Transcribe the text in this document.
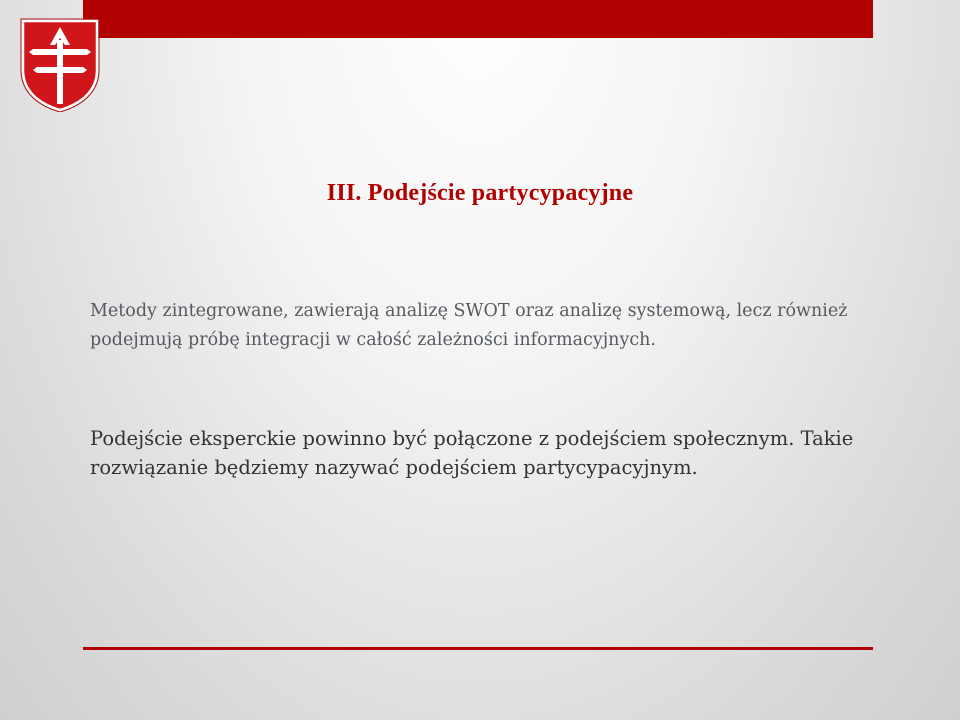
III. Podejście partycypacyjne

Metody zintegrowane, zawierają analizę SWOT oraz analizę systemową, lecz również podejmują próbę integracji w całość zależności informacyjnych.

Podejście eksperckie powinno być połączone z podejściem społecznym. Takie rozwiązanie będziemy nazywać podejściem partycypacyjnym.
